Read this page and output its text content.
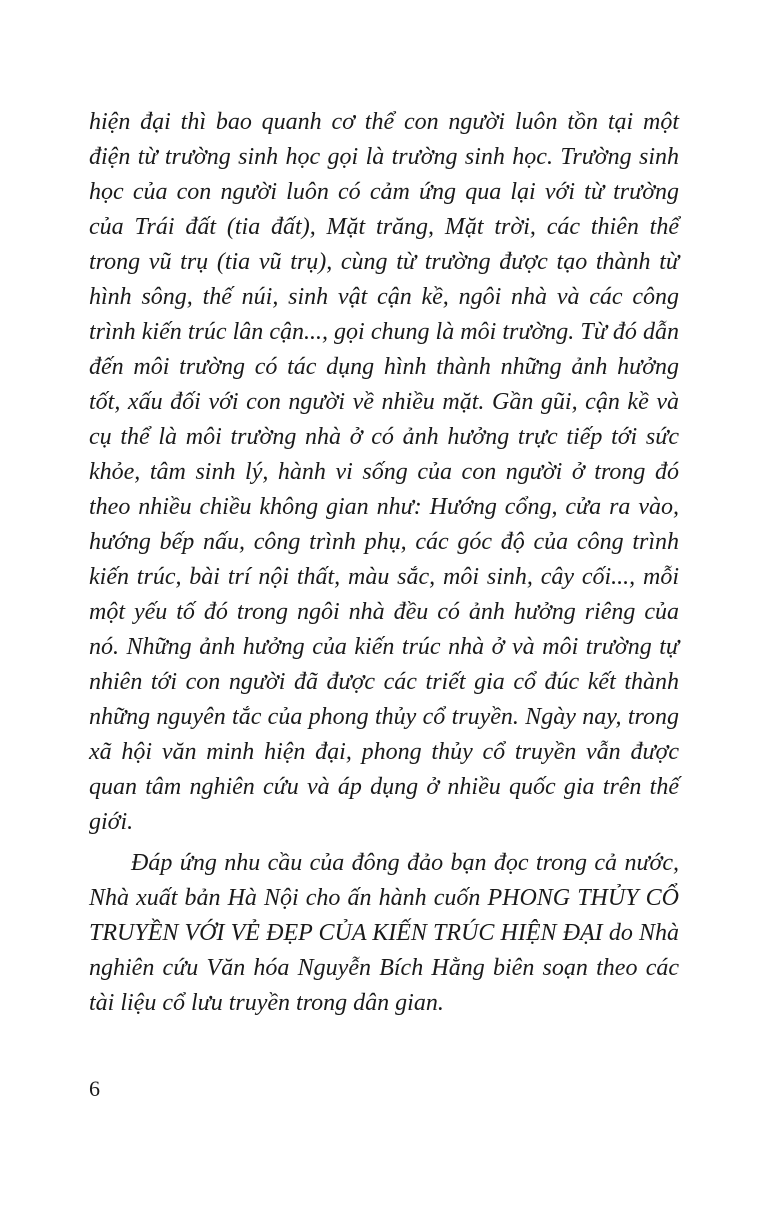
hiện đại thì bao quanh cơ thể con người luôn tồn tại một điện từ trường sinh học gọi là trường sinh học. Trường sinh học của con người luôn có cảm ứng qua lại với từ trường của Trái đất (tia đất), Mặt trăng, Mặt trời, các thiên thể trong vũ trụ (tia vũ trụ), cùng từ trường được tạo thành từ hình sông, thế núi, sinh vật cận kề, ngôi nhà và các công trình kiến trúc lân cận..., gọi chung là môi trường. Từ đó dẫn đến môi trường có tác dụng hình thành những ảnh hưởng tốt, xấu đối với con người về nhiều mặt. Gần gũi, cận kề và cụ thể là môi trường nhà ở có ảnh hưởng trực tiếp tới sức khỏe, tâm sinh lý, hành vi sống của con người ở trong đó theo nhiều chiều không gian như: Hướng cổng, cửa ra vào, hướng bếp nấu, công trình phụ, các góc độ của công trình kiến trúc, bài trí nội thất, màu sắc, môi sinh, cây cối..., mỗi một yếu tố đó trong ngôi nhà đều có ảnh hưởng riêng của nó. Những ảnh hưởng của kiến trúc nhà ở và môi trường tự nhiên tới con người đã được các triết gia cổ đúc kết thành những nguyên tắc của phong thủy cổ truyền. Ngày nay, trong xã hội văn minh hiện đại, phong thủy cổ truyền vẫn được quan tâm nghiên cứu và áp dụng ở nhiều quốc gia trên thế giới.

Đáp ứng nhu cầu của đông đảo bạn đọc trong cả nước, Nhà xuất bản Hà Nội cho ấn hành cuốn PHONG THỦY CỔ TRUYỀN VỚI VẺ ĐẸP CỦA KIẾN TRÚC HIỆN ĐẠI do Nhà nghiên cứu Văn hóa Nguyễn Bích Hằng biên soạn theo các tài liệu cổ lưu truyền trong dân gian.

6
